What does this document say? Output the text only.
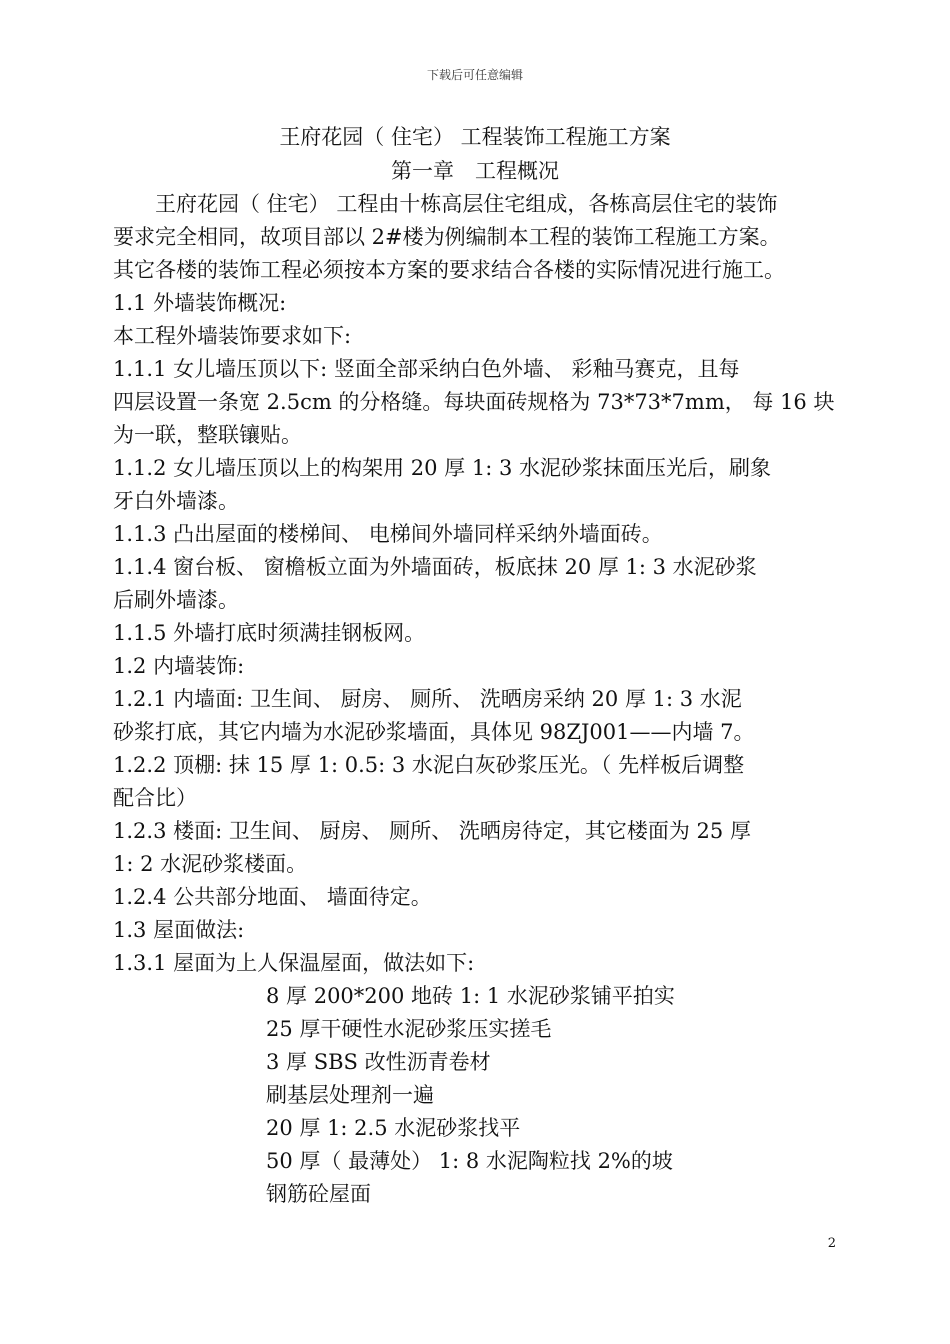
下载后可任意编辑
王府花园（ 住宅） 工程装饰工程施工方案
第一章　工程概况
　　王府花园（ 住宅） 工程由十栋高层住宅组成，各栋高层住宅的装饰
要求完全相同，故项目部以 2#楼为例编制本工程的装饰工程施工方案。
其它各楼的装饰工程必须按本方案的要求结合各楼的实际情况进行施工。
1.1 外墙装饰概况:
本工程外墙装饰要求如下:
1.1.1 女儿墙压顶以下: 竖面全部采纳白色外墙、 彩釉马赛克，且每
四层设置一条宽 2.5cm 的分格缝。每块面砖规格为 73*73*7mm， 每 16 块
为一联，整联镶贴。
1.1.2 女儿墙压顶以上的构架用 20 厚 1: 3 水泥砂浆抹面压光后，刷象
牙白外墙漆。
1.1.3 凸出屋面的楼梯间、 电梯间外墙同样采纳外墙面砖。
1.1.4 窗台板、 窗檐板立面为外墙面砖，板底抹 20 厚 1: 3 水泥砂浆
后刷外墙漆。
1.1.5 外墙打底时须满挂钢板网。
1.2 内墙装饰:
1.2.1 内墙面: 卫生间、 厨房、 厕所、 洗晒房采纳 20 厚 1: 3 水泥
砂浆打底，其它内墙为水泥砂浆墙面，具体见 98ZJ001——内墙 7。
1.2.2 顶棚: 抹 15 厚 1: 0.5: 3 水泥白灰砂浆压光。（ 先样板后调整
配合比）
1.2.3 楼面: 卫生间、 厨房、 厕所、 洗晒房待定，其它楼面为 25 厚
1: 2 水泥砂浆楼面。
1.2.4 公共部分地面、 墙面待定。
1.3 屋面做法:
1.3.1 屋面为上人保温屋面，做法如下:
8 厚 200*200 地砖 1: 1 水泥砂浆铺平拍实
25 厚干硬性水泥砂浆压实搓毛
3 厚 SBS 改性沥青卷材
刷基层处理剂一遍
20 厚 1: 2.5 水泥砂浆找平
50 厚（ 最薄处） 1: 8 水泥陶粒找 2%的坡
钢筋砼屋面
2
